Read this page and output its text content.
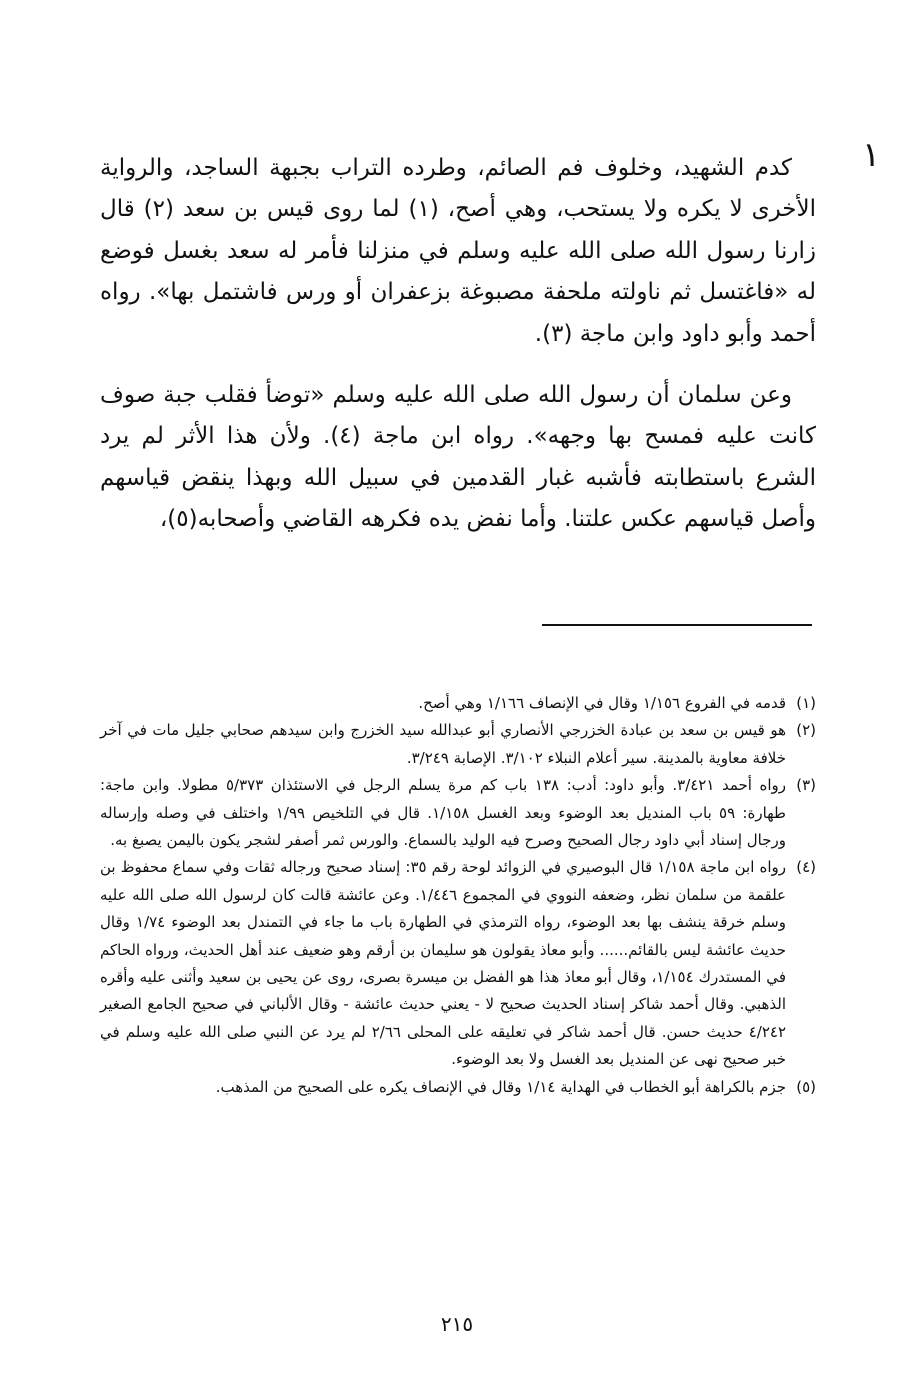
١

كدم الشهيد، وخلوف فم الصائم، وطرده التراب بجبهة الساجد، والرواية الأخرى لا يكره ولا يستحب، وهي أصح، (١) لما روى قيس بن سعد (٢) قال زارنا رسول الله صلى الله عليه وسلم في منزلنا فأمر له سعد بغسل فوضع له «فاغتسل ثم ناولته ملحفة مصبوغة بزعفران أو ورس فاشتمل بها». رواه أحمد وأبو داود وابن ماجة (٣).

وعن سلمان أن رسول الله صلى الله عليه وسلم «توضأ فقلب جبة صوف كانت عليه فمسح بها وجهه». رواه ابن ماجة (٤). ولأن هذا الأثر لم يرد الشرع باستطابته فأشبه غبار القدمين في سبيل الله وبهذا ينقض قياسهم وأصل قياسهم عكس علتنا. وأما نفض يده فكرهه القاضي وأصحابه(٥)،

(١)قدمه في الفروع ١/١٥٦ وقال في الإنصاف ١/١٦٦ وهي أصح.

(٢)هو قيس بن سعد بن عبادة الخزرجي الأنصاري أبو عبدالله سيد الخزرج وابن سيدهم صحابي جليل مات في آخر خلافة معاوية بالمدينة. سير أعلام النبلاء ٣/١٠٢. الإصابة ٣/٢٤٩.

(٣)رواه أحمد ٣/٤٢١. وأبو داود: أدب: ١٣٨ باب كم مرة يسلم الرجل في الاستئذان ٥/٣٧٣ مطولا. وابن ماجة: طهارة: ٥٩ باب المنديل بعد الوضوء وبعد الغسل ١/١٥٨. قال في التلخيص ١/٩٩ واختلف في وصله وإرساله ورجال إسناد أبي داود رجال الصحيح وصرح فيه الوليد بالسماع. والورس ثمر أصفر لشجر يكون باليمن يصبغ به.

(٤)رواه ابن ماجة ١/١٥٨ قال البوصيري في الزوائد لوحة رقم ٣٥: إسناد صحيح ورجاله ثقات وفي سماع محفوظ بن علقمة من سلمان نظر، وضعفه النووي في المجموع ١/٤٤٦. وعن عائشة قالت كان لرسول الله صلى الله عليه وسلم خرقة ينشف بها بعد الوضوء، رواه الترمذي في الطهارة باب ما جاء في التمندل بعد الوضوء ١/٧٤ وقال حديث عائشة ليس بالقائم...... وأبو معاذ يقولون هو سليمان بن أرقم وهو ضعيف عند أهل الحديث، ورواه الحاكم في المستدرك ١/١٥٤، وقال أبو معاذ هذا هو الفضل بن ميسرة بصرى، روى عن يحيى بن سعيد وأثنى عليه وأقره الذهبي. وقال أحمد شاكر إسناد الحديث صحيح لا - يعني حديث عائشة - وقال الألباني في صحيح الجامع الصغير ٤/٢٤٢ حديث حسن. قال أحمد شاكر في تعليقه على المحلى ٢/٦٦ لم يرد عن النبي صلى الله عليه وسلم في خبر صحيح نهى عن المنديل بعد الغسل ولا بعد الوضوء.

(٥)جزم بالكراهة أبو الخطاب في الهداية ١/١٤ وقال في الإنصاف يكره على الصحيح من المذهب.

٢١٥
